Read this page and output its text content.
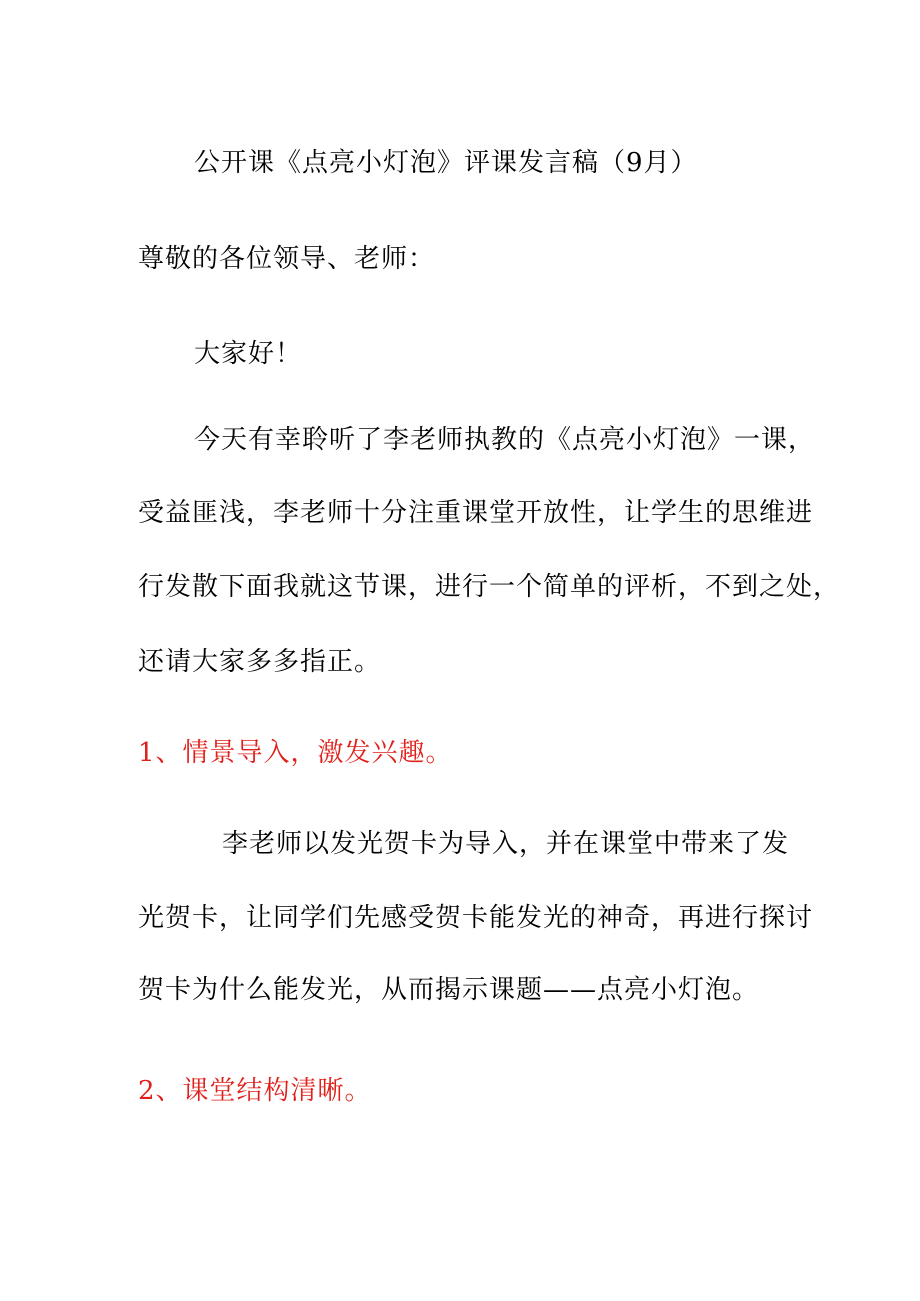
公开课《点亮小灯泡》评课发言稿（9月）
尊敬的各位领导、老师：
大家好！
今天有幸聆听了李老师执教的《点亮小灯泡》一课，
受益匪浅，李老师十分注重课堂开放性，让学生的思维进
行发散下面我就这节课，进行一个简单的评析，不到之处，
还请大家多多指正。
1、情景导入，激发兴趣。
李老师以发光贺卡为导入，并在课堂中带来了发
光贺卡，让同学们先感受贺卡能发光的神奇，再进行探讨
贺卡为什么能发光，从而揭示课题——点亮小灯泡。
2、课堂结构清晰。
